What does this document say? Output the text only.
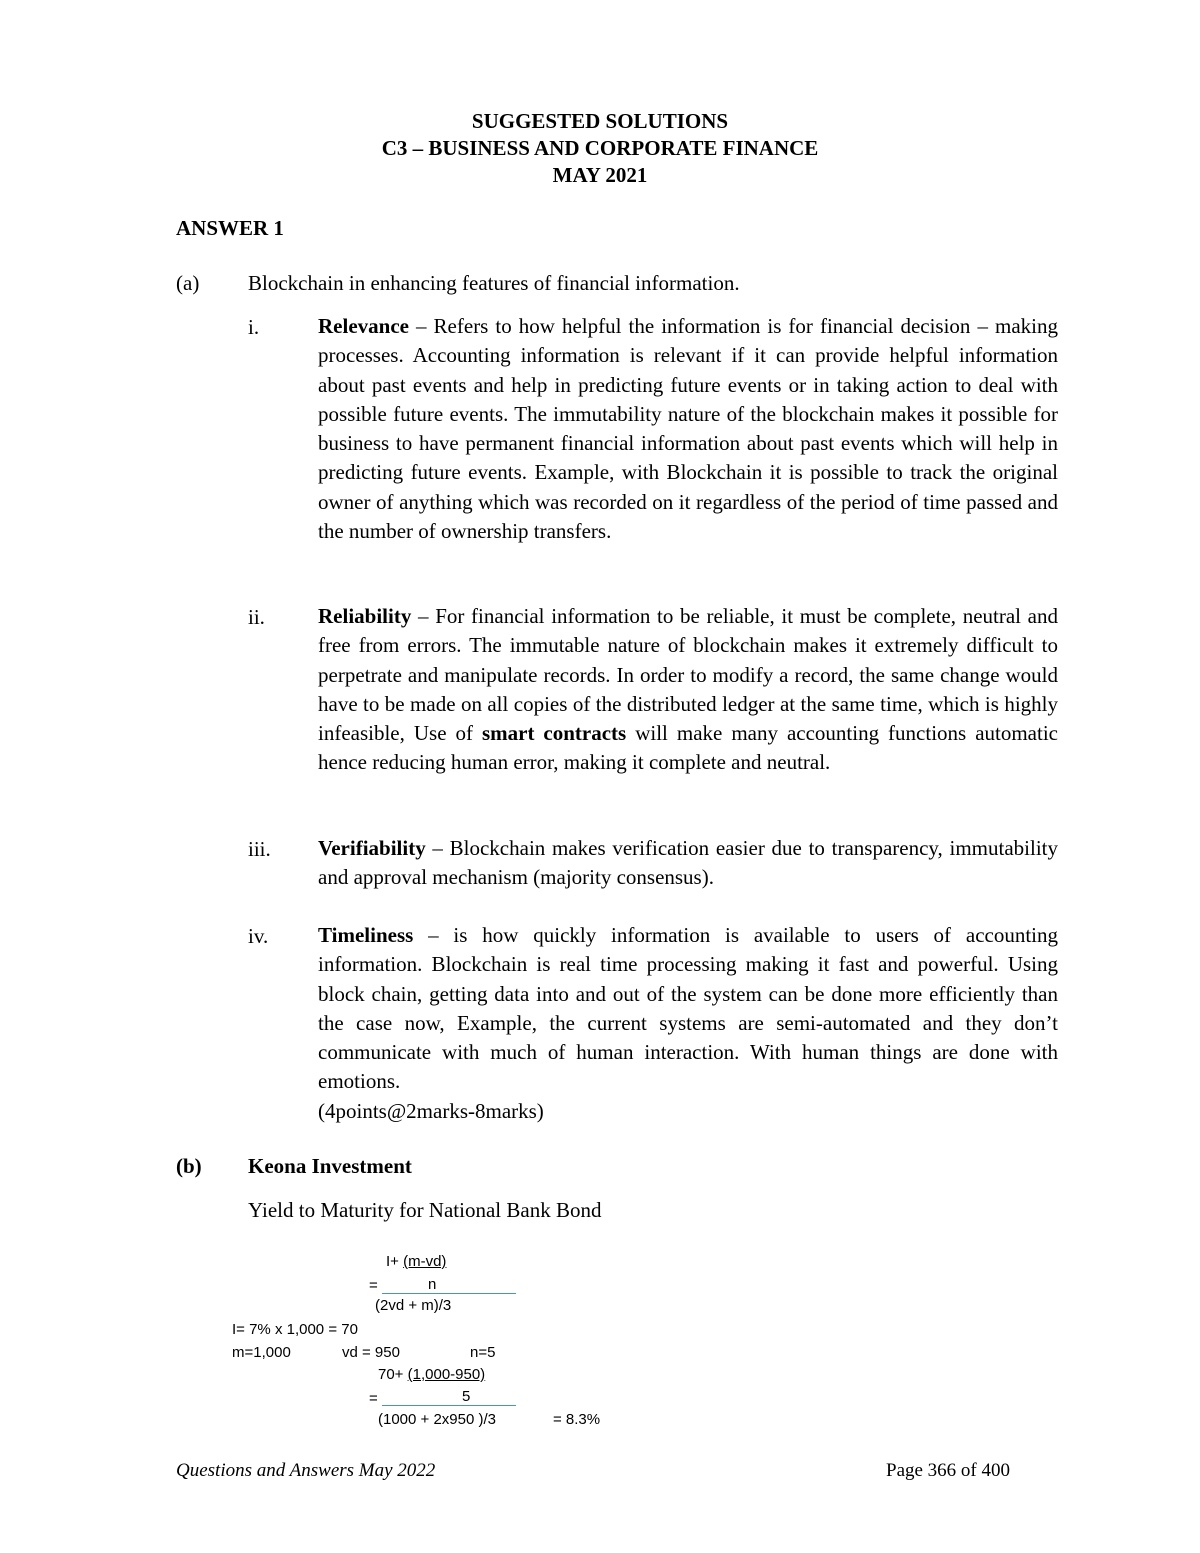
SUGGESTED SOLUTIONS
C3 – BUSINESS AND CORPORATE FINANCE
MAY 2021
ANSWER 1
(a) Blockchain in enhancing features of financial information.
i.	Relevance – Refers to how helpful the information is for financial decision – making processes. Accounting information is relevant if it can provide helpful information about past events and help in predicting future events or in taking action to deal with possible future events. The immutability nature of the blockchain makes it possible for business to have permanent financial information about past events which will help in predicting future events. Example, with Blockchain it is possible to track the original owner of anything which was recorded on it regardless of the period of time passed and the number of ownership transfers.
ii.	Reliability – For financial information to be reliable, it must be complete, neutral and free from errors. The immutable nature of blockchain makes it extremely difficult to perpetrate and manipulate records. In order to modify a record, the same change would have to be made on all copies of the distributed ledger at the same time, which is highly infeasible, Use of smart contracts will make many accounting functions automatic hence reducing human error, making it complete and neutral.
iii. Verifiability – Blockchain makes verification easier due to transparency, immutability and approval mechanism (majority consensus).
iv. Timeliness – is how quickly information is available to users of accounting information. Blockchain is real time processing making it fast and powerful. Using block chain, getting data into and out of the system can be done more efficiently than the case now, Example, the current systems are semi-automated and they don’t communicate with much of human interaction. With human things are done with emotions.
(4points@2marks-8marks)
(b) Keona Investment
Yield to Maturity for National Bank Bond
I+ (m-vd)
=	n
(2vd + m)/3
I= 7% x 1,000 = 70
m=1,000	vd = 950	n=5
70+ (1,000-950)
=	5
(1000 + 2x950 )/3	= 8.3%
Questions and Answers May 2022	Page 366 of 400
